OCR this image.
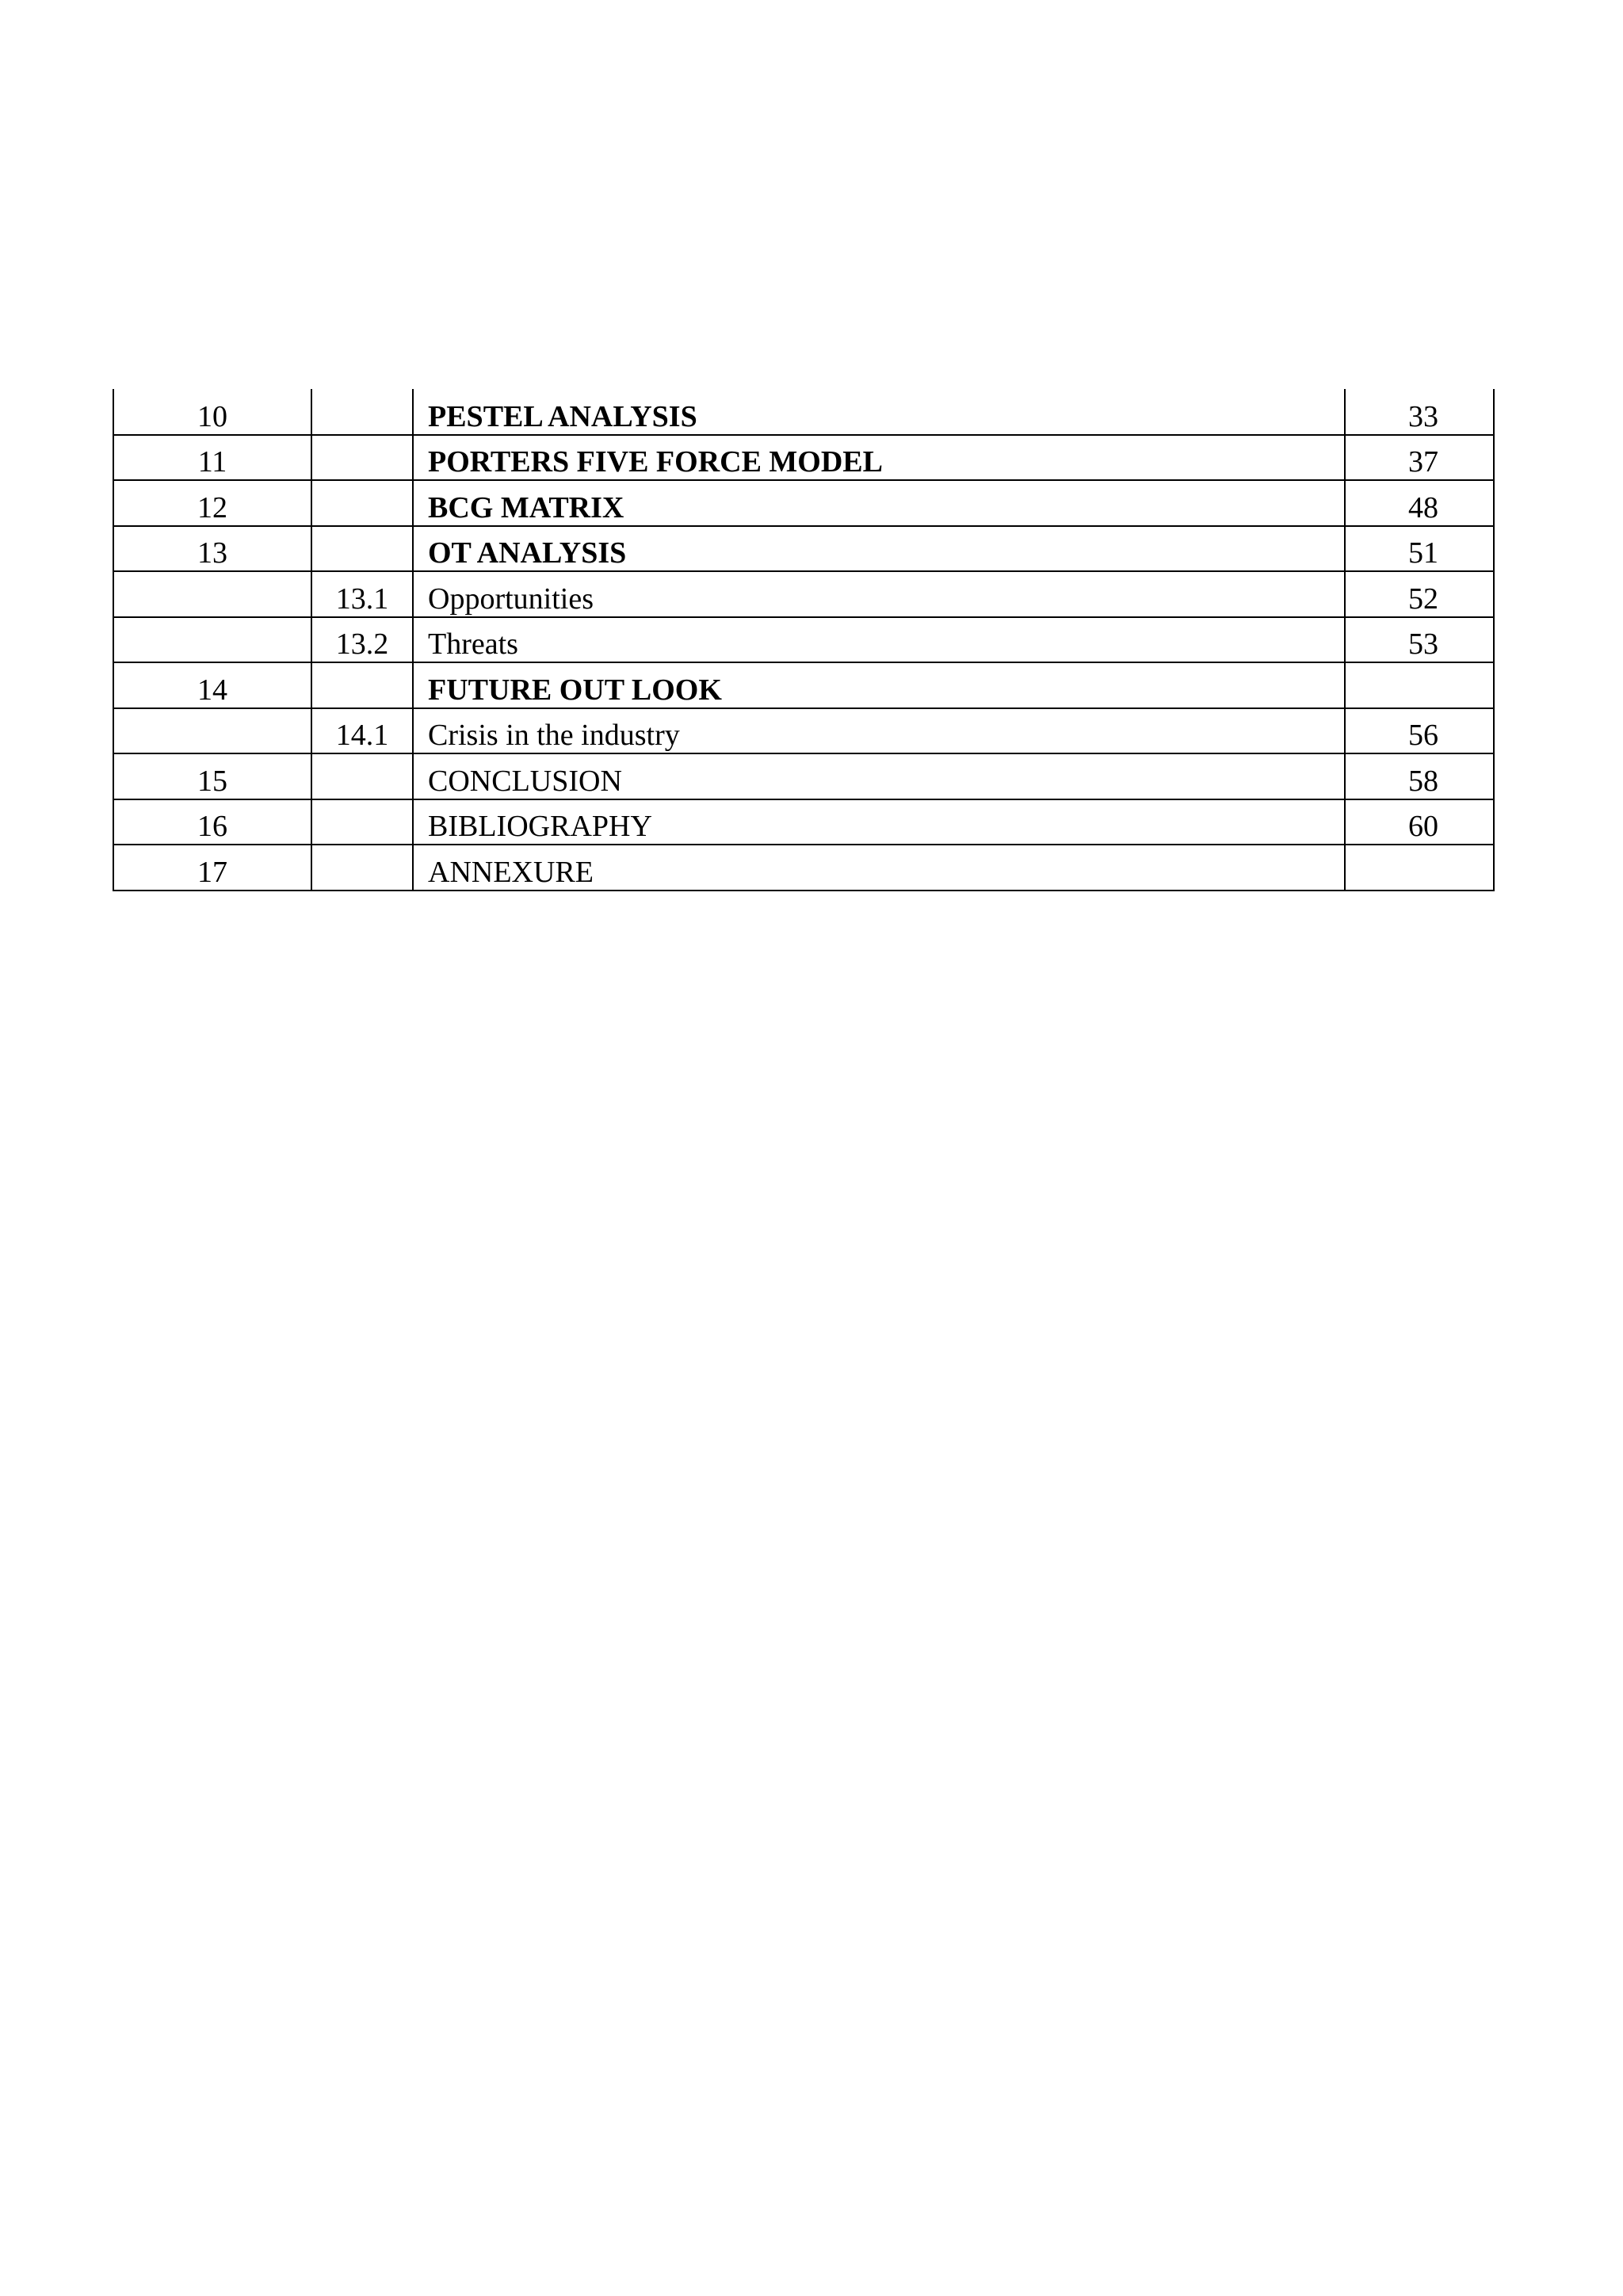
10		PESTEL ANALYSIS	33
11		PORTERS FIVE FORCE MODEL	37
12		BCG MATRIX	48
13		OT ANALYSIS	51
	13.1	Opportunities	52
	13.2	Threats	53
14		FUTURE OUT LOOK	
	14.1	Crisis in the industry	56
15		CONCLUSION	58
16		BIBLIOGRAPHY	60
17		ANNEXURE	
